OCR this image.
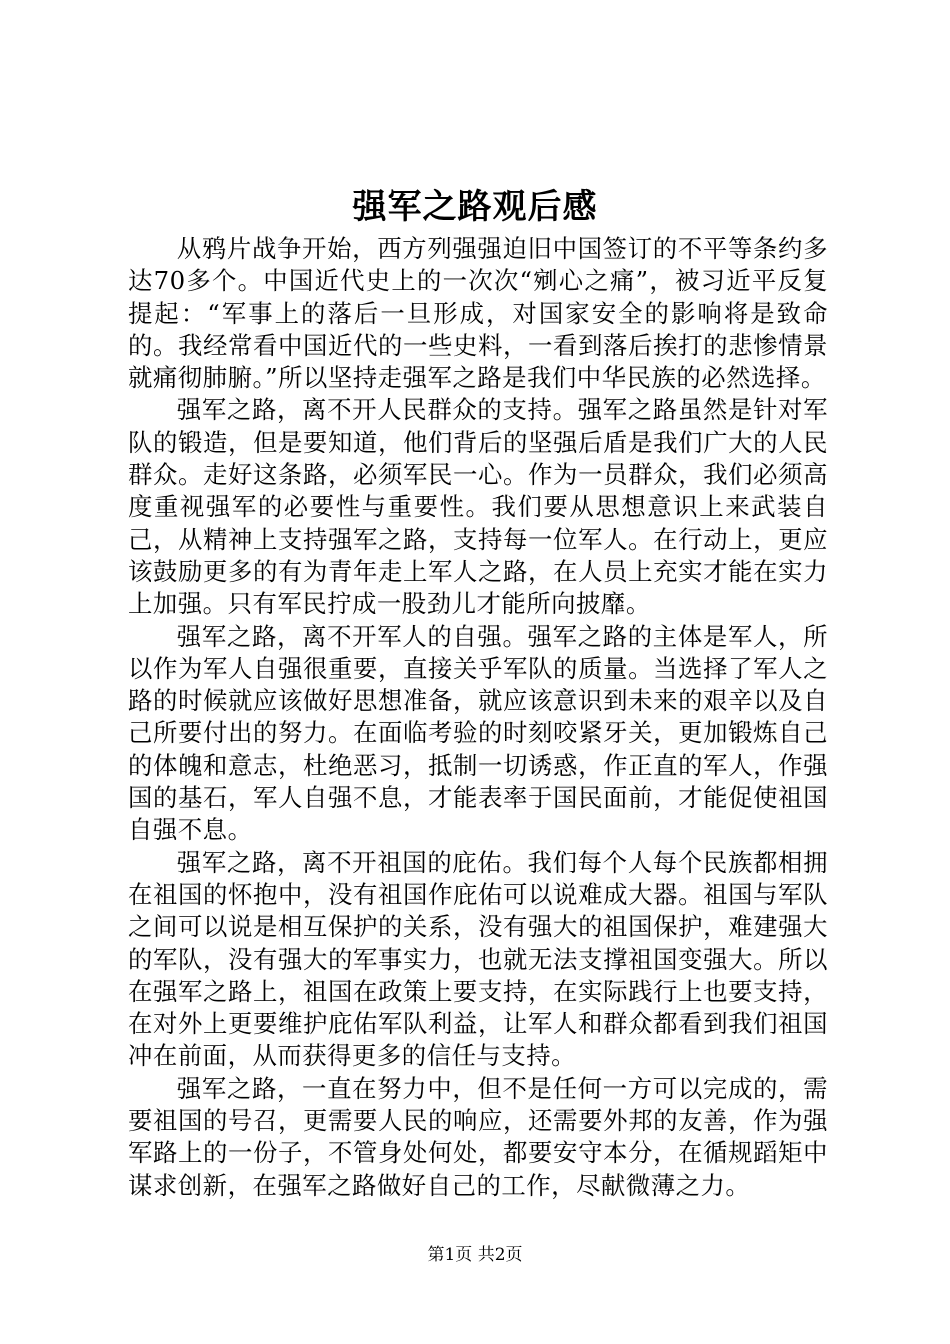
强军之路观后感

从鸦片战争开始，西方列强强迫旧中国签订的不平等条约多达70多个。中国近代史上的一次次“剜心之痛”，被习近平反复提起：“军事上的落后一旦形成，对国家安全的影响将是致命的。我经常看中国近代的一些史料，一看到落后挨打的悲惨情景就痛彻肺腑。”所以坚持走强军之路是我们中华民族的必然选择。

强军之路，离不开人民群众的支持。强军之路虽然是针对军队的锻造，但是要知道，他们背后的坚强后盾是我们广大的人民群众。走好这条路，必须军民一心。作为一员群众，我们必须高度重视强军的必要性与重要性。我们要从思想意识上来武装自己，从精神上支持强军之路，支持每一位军人。在行动上，更应该鼓励更多的有为青年走上军人之路，在人员上充实才能在实力上加强。只有军民拧成一股劲儿才能所向披靡。

强军之路，离不开军人的自强。强军之路的主体是军人，所以作为军人自强很重要，直接关乎军队的质量。当选择了军人之路的时候就应该做好思想准备，就应该意识到未来的艰辛以及自己所要付出的努力。在面临考验的时刻咬紧牙关，更加锻炼自己的体魄和意志，杜绝恶习，抵制一切诱惑，作正直的军人，作强国的基石，军人自强不息，才能表率于国民面前，才能促使祖国自强不息。

强军之路，离不开祖国的庇佑。我们每个人每个民族都相拥在祖国的怀抱中，没有祖国作庇佑可以说难成大器。祖国与军队之间可以说是相互保护的关系，没有强大的祖国保护，难建强大的军队，没有强大的军事实力，也就无法支撑祖国变强大。所以在强军之路上，祖国在政策上要支持，在实际践行上也要支持，在对外上更要维护庇佑军队利益，让军人和群众都看到我们祖国冲在前面，从而获得更多的信任与支持。

强军之路，一直在努力中，但不是任何一方可以完成的，需要祖国的号召，更需要人民的响应，还需要外邦的友善，作为强军路上的一份子，不管身处何处，都要安守本分，在循规蹈矩中谋求创新，在强军之路做好自己的工作，尽献微薄之力。

第1页 共2页
